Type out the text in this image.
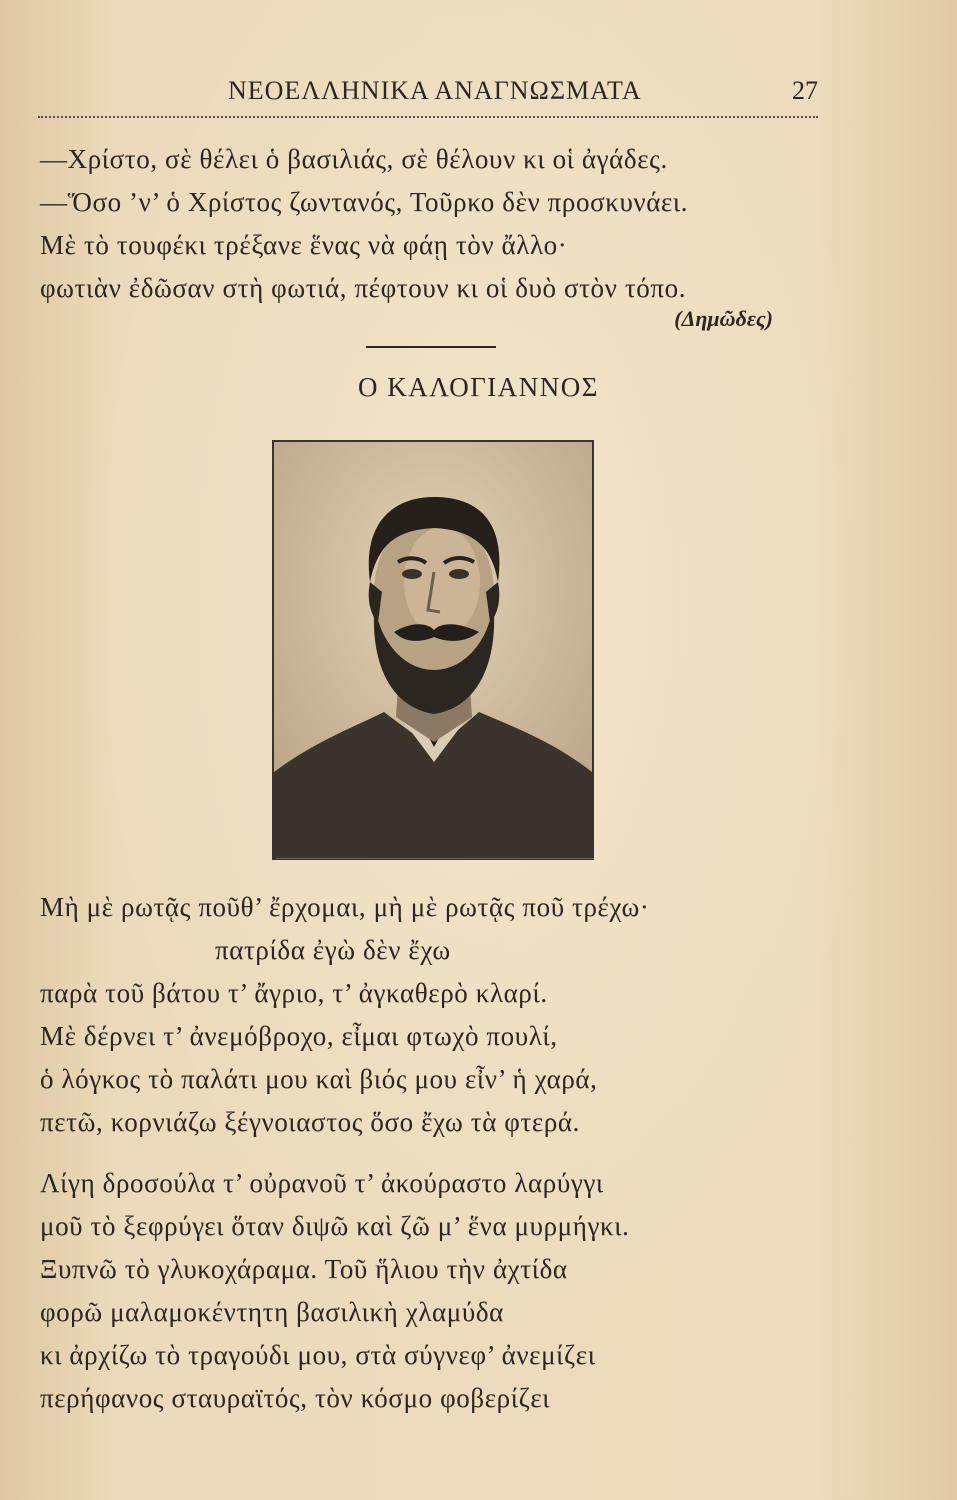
ΝΕΟΕΛΛΗΝΙΚΑ ΑΝΑΓΝΩΣΜΑΤΑ	27
—Χρίστο, σὲ θέλει ὁ βασιλιάς, σὲ θέλουν κι οἱ ἀγάδες.
—Ὅσο ’ν’ ὁ Χρίστος ζωντανός, Τοῦρκο δὲν προσκυνάει.
Μὲ τὸ τουφέκι τρέξανε ἕνας νὰ φάῃ τὸν ἄλλο·
φωτιὰν ἐδῶσαν στὴ φωτιά, πέφτουν κι οἱ δυὸ στὸν τόπο.
(Δημῶδες)
Ο ΚΑΛΟΓΙΑΝΝΟΣ
Μὴ μὲ ρωτᾷς ποῦθ’ ἔρχομαι, μὴ μὲ ρωτᾷς ποῦ τρέχω·
πατρίδα ἐγὼ δὲν ἔχω
παρὰ τοῦ βάτου τ’ ἄγριο, τ’ ἀγκαθερὸ κλαρί.
Μὲ δέρνει τ’ ἀνεμόβροχο, εἶμαι φτωχὸ πουλί,
ὁ λόγκος τὸ παλάτι μου καὶ βιός μου εἶν’ ἡ χαρά,
πετῶ, κορνιάζω ξέγνοιαστος ὅσο ἔχω τὰ φτερά.
Λίγη δροσούλα τ’ οὐρανοῦ τ’ ἀκούραστο λαρύγγι
μοῦ τὸ ξεφρύγει ὅταν διψῶ καὶ ζῶ μ’ ἕνα μυρμήγκι.
Ξυπνῶ τὸ γλυκοχάραμα. Τοῦ ἥλιου τὴν ἀχτίδα
φορῶ μαλαμοκέντητη βασιλικὴ χλαμύδα
κι ἀρχίζω τὸ τραγούδι μου, στὰ σύγνεφ’ ἀνεμίζει
περήφανος σταυραϊτός, τὸν κόσμο φοβερίζει
